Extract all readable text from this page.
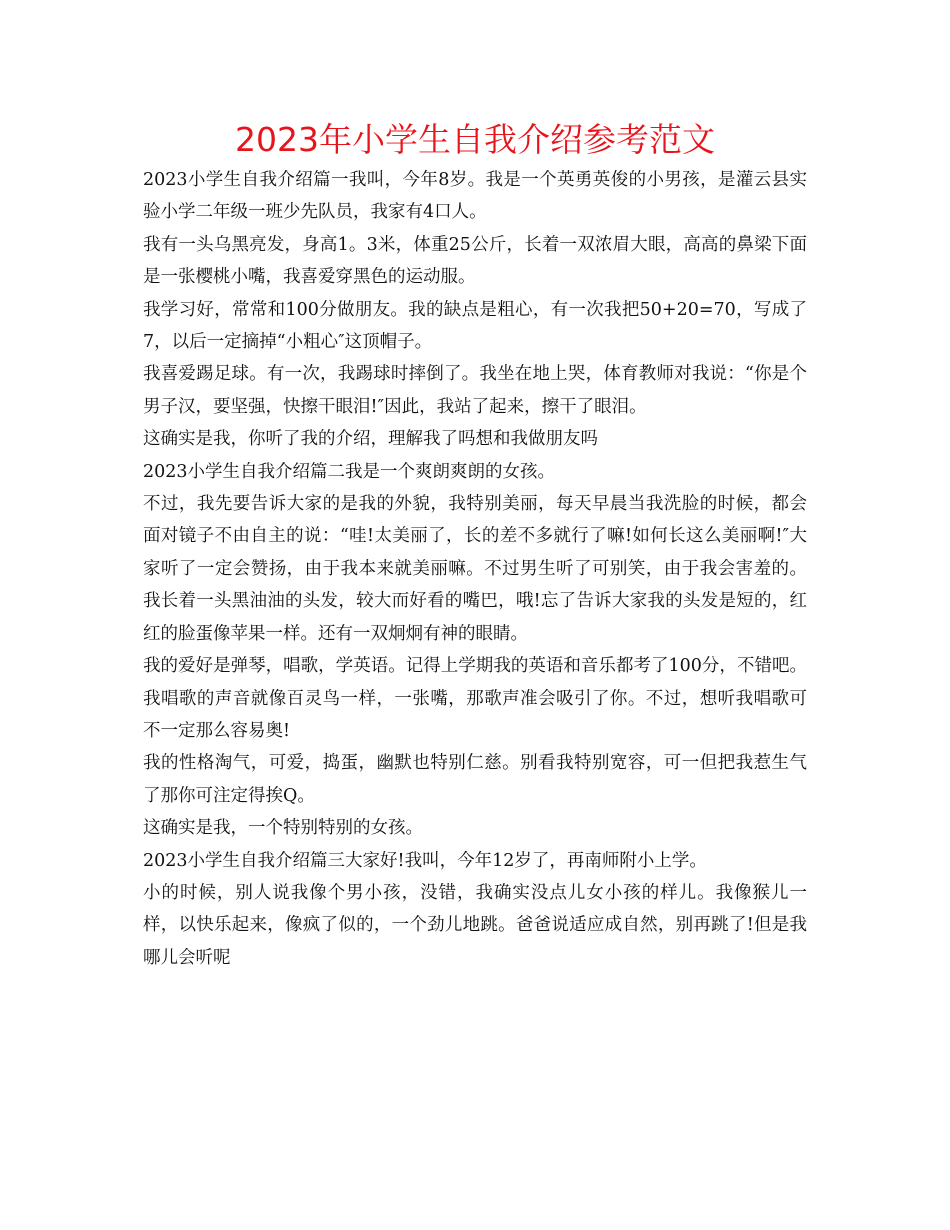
2023年小学生自我介绍参考范文

2023小学生自我介绍篇一我叫，今年8岁。我是一个英勇英俊的小男孩，是灌云县实验小学二年级一班少先队员，我家有4口人。

我有一头乌黑亮发，身高1。3米，体重25公斤，长着一双浓眉大眼，高高的鼻梁下面是一张樱桃小嘴，我喜爱穿黑色的运动服。

我学习好，常常和100分做朋友。我的缺点是粗心，有一次我把50+20=70，写成了7，以后一定摘掉“小粗心″这顶帽子。

我喜爱踢足球。有一次，我踢球时摔倒了。我坐在地上哭，体育教师对我说：“你是个男子汉，要坚强，快擦干眼泪!″因此，我站了起来，擦干了眼泪。

这确实是我，你听了我的介绍，理解我了吗想和我做朋友吗

2023小学生自我介绍篇二我是一个爽朗爽朗的女孩。

不过，我先要告诉大家的是我的外貌，我特别美丽，每天早晨当我洗脸的时候，都会面对镜子不由自主的说：“哇!太美丽了，长的差不多就行了嘛!如何长这么美丽啊!″大家听了一定会赞扬，由于我本来就美丽嘛。不过男生听了可别笑，由于我会害羞的。我长着一头黑油油的头发，较大而好看的嘴巴，哦!忘了告诉大家我的头发是短的，红红的脸蛋像苹果一样。还有一双炯炯有神的眼睛。

我的爱好是弹琴，唱歌，学英语。记得上学期我的英语和音乐都考了100分，不错吧。我唱歌的声音就像百灵鸟一样，一张嘴，那歌声准会吸引了你。不过，想听我唱歌可不一定那么容易奥!

我的性格淘气，可爱，捣蛋，幽默也特别仁慈。别看我特别宽容，可一但把我惹生气了那你可注定得挨Q。

这确实是我，一个特别特别的女孩。

2023小学生自我介绍篇三大家好!我叫，今年12岁了，再南师附小上学。

小的时候，别人说我像个男小孩，没错，我确实没点儿女小孩的样儿。我像猴儿一样，以快乐起来，像疯了似的，一个劲儿地跳。爸爸说适应成自然，别再跳了!但是我哪儿会听呢
